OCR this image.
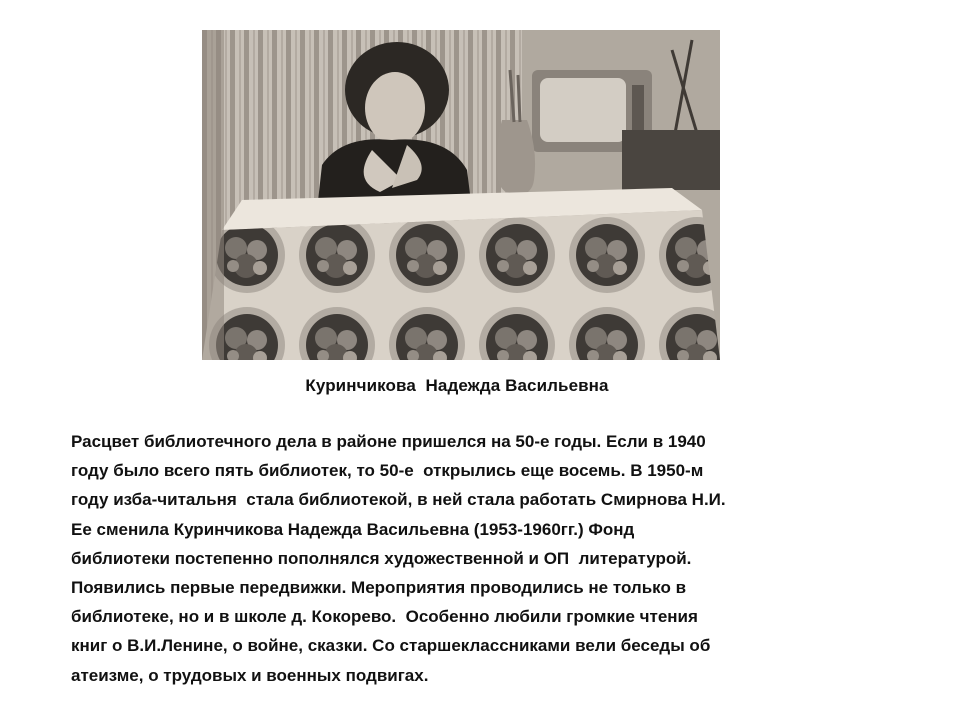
Куринчикова  Надежда Васильевна
Расцвет библиотечного дела в районе пришелся на 50-е годы. Если в 1940
году было всего пять библиотек, то 50-е  открылись еще восемь. В 1950-м
году изба-читальня  стала библиотекой, в ней стала работать Смирнова Н.И.
Ее сменила Куринчикова Надежда Васильевна (1953-1960гг.) Фонд
библиотеки постепенно пополнялся художественной и ОП  литературой.
Появились первые передвижки. Мероприятия проводились не только в
библиотеке, но и в школе д. Кокорево.  Особенно любили громкие чтения
книг о В.И.Ленине, о войне, сказки. Со старшеклассниками вели беседы об
атеизме, о трудовых и военных подвигах.
